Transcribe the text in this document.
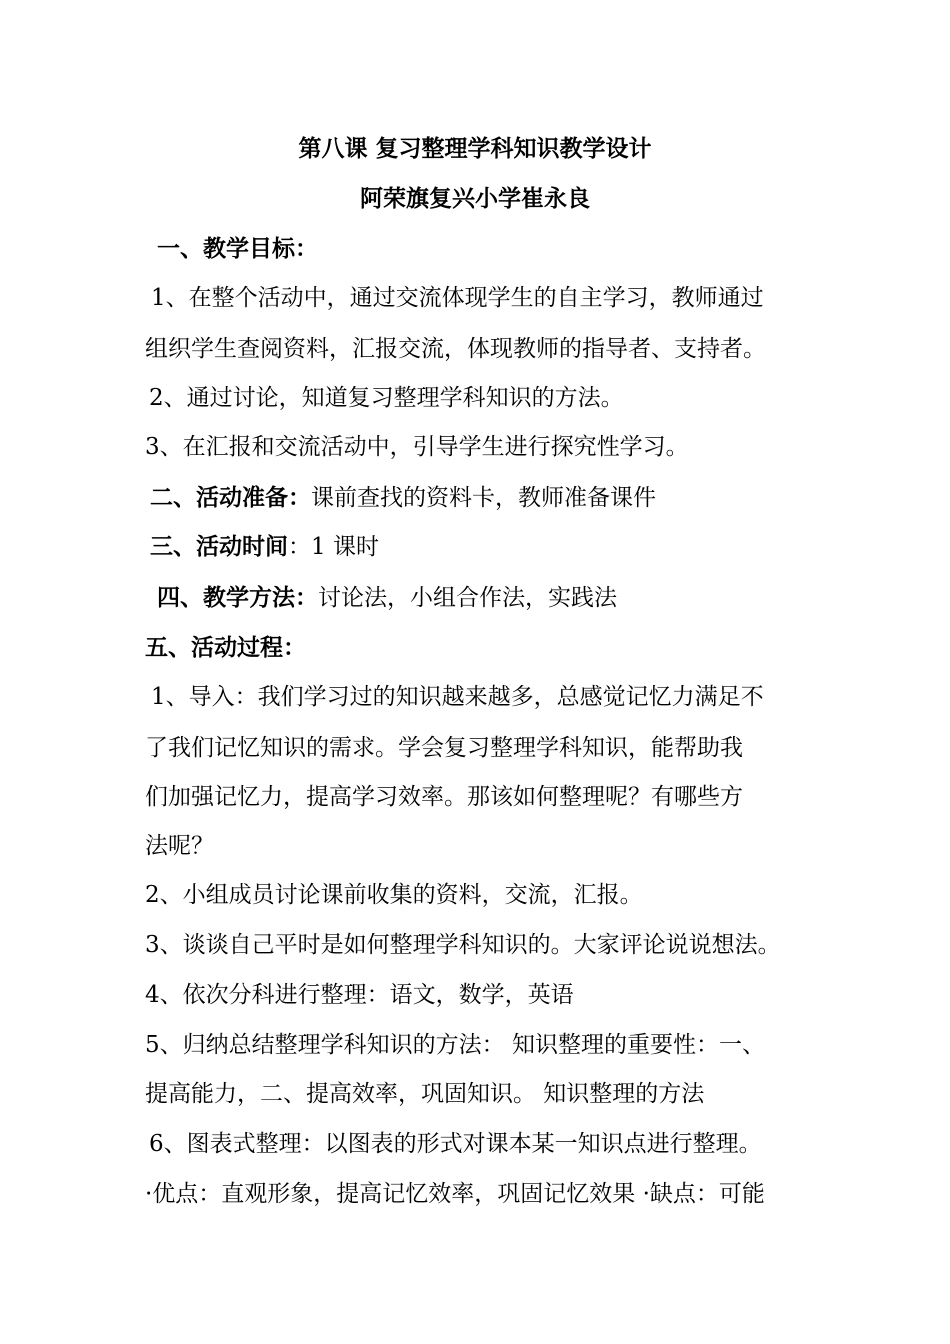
第八课 复习整理学科知识教学设计
阿荣旗复兴小学崔永良
一、教学目标：
1、在整个活动中，通过交流体现学生的自主学习，教师通过
组织学生查阅资料，汇报交流，体现教师的指导者、支持者。
2、通过讨论，知道复习整理学科知识的方法。
3、在汇报和交流活动中，引导学生进行探究性学习。
二、活动准备：课前查找的资料卡，教师准备课件
三、活动时间：1 课时
四、教学方法：讨论法，小组合作法，实践法
五、活动过程：
1、导入：我们学习过的知识越来越多，总感觉记忆力满足不
了我们记忆知识的需求。学会复习整理学科知识，能帮助我
们加强记忆力，提高学习效率。那该如何整理呢？有哪些方
法呢？
2、小组成员讨论课前收集的资料，交流，汇报。
3、谈谈自己平时是如何整理学科知识的。大家评论说说想法。
4、依次分科进行整理：语文，数学，英语
5、归纳总结整理学科知识的方法： 知识整理的重要性：一、
提高能力，二、提高效率，巩固知识。 知识整理的方法
6、图表式整理：以图表的形式对课本某一知识点进行整理。
·优点：直观形象，提高记忆效率，巩固记忆效果 ·缺点：可能
